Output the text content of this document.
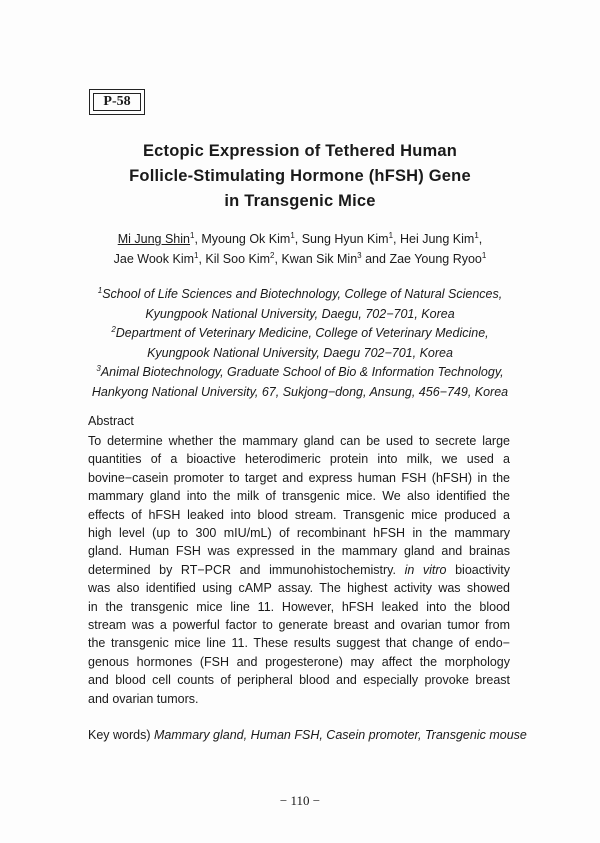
P-58
Ectopic Expression of Tethered Human
Follicle-Stimulating Hormone (hFSH) Gene
in Transgenic Mice
Mi Jung Shin$^1$, Myoung Ok Kim$^1$, Sung Hyun Kim$^1$, Hei Jung Kim$^1$,
Jae Wook Kim$^1$, Kil Soo Kim$^2$, Kwan Sik Min$^3$ and Zae Young Ryoo$^1$
$^1$School of Life Sciences and Biotechnology, College of Natural Sciences,
Kyungpook National University, Daegu, 702−701, Korea
$^2$Department of Veterinary Medicine, College of Veterinary Medicine,
Kyungpook National University, Daegu 702−701, Korea
$^3$Animal Biotechnology, Graduate School of Bio & Information Technology,
Hankyong National University, 67, Sukjong−dong, Ansung, 456−749, Korea
Abstract
To determine whether the mammary gland can be used to secrete large
quantities of a bioactive heterodimeric protein into milk, we used a
bovine−casein promoter to target and express human FSH (hFSH) in the
mammary gland into the milk of transgenic mice. We also identified the
effects of hFSH leaked into blood stream. Transgenic mice produced a
high level (up to 300 mIU/mL) of recombinant hFSH in the mammary
gland. Human FSH was expressed in the mammary gland and brainas
determined by RT−PCR and immunohistochemistry. in vitro bioactivity
was also identified using cAMP assay. The highest activity was showed
in the transgenic mice line 11. However, hFSH leaked into the blood
stream was a powerful factor to generate breast and ovarian tumor from
the transgenic mice line 11. These results suggest that change of endo−
genous hormones (FSH and progesterone) may affect the morphology
and blood cell counts of peripheral blood and especially provoke breast
and ovarian tumors.
Key words) Mammary gland, Human FSH, Casein promoter, Transgenic mouse
− 110 −
